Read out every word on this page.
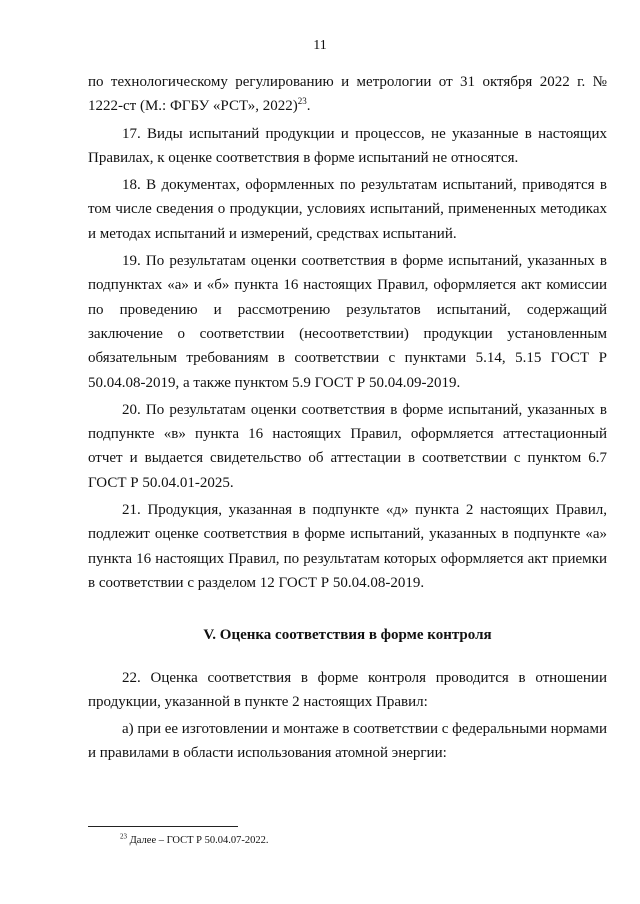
11

по технологическому регулированию и метрологии от 31 октября 2022 г. № 1222-ст (М.: ФГБУ «РСТ», 2022)$^{23}$.

17. Виды испытаний продукции и процессов, не указанные в настоящих Правилах, к оценке соответствия в форме испытаний не относятся.

18. В документах, оформленных по результатам испытаний, приводятся в том числе сведения о продукции, условиях испытаний, примененных методиках и методах испытаний и измерений, средствах испытаний.

19. По результатам оценки соответствия в форме испытаний, указанных в подпунктах «а» и «б» пункта 16 настоящих Правил, оформляется акт комиссии по проведению и рассмотрению результатов испытаний, содержащий заключение о соответствии (несоответствии) продукции установленным обязательным требованиям в соответствии с пунктами 5.14, 5.15 ГОСТ Р 50.04.08-2019, а также пунктом 5.9 ГОСТ Р 50.04.09-2019.

20. По результатам оценки соответствия в форме испытаний, указанных в подпункте «в» пункта 16 настоящих Правил, оформляется аттестационный отчет и выдается свидетельство об аттестации в соответствии с пунктом 6.7 ГОСТ Р 50.04.01-2025.

21. Продукция, указанная в подпункте «д» пункта 2 настоящих Правил, подлежит оценке соответствия в форме испытаний, указанных в подпункте «а» пункта 16 настоящих Правил, по результатам которых оформляется акт приемки в соответствии с разделом 12 ГОСТ Р 50.04.08-2019.

V. Оценка соответствия в форме контроля

22. Оценка соответствия в форме контроля проводится в отношении продукции, указанной в пункте 2 настоящих Правил:

а) при ее изготовлении и монтаже в соответствии с федеральными нормами и правилами в области использования атомной энергии:

$^{23}$ Далее – ГОСТ Р 50.04.07-2022.
